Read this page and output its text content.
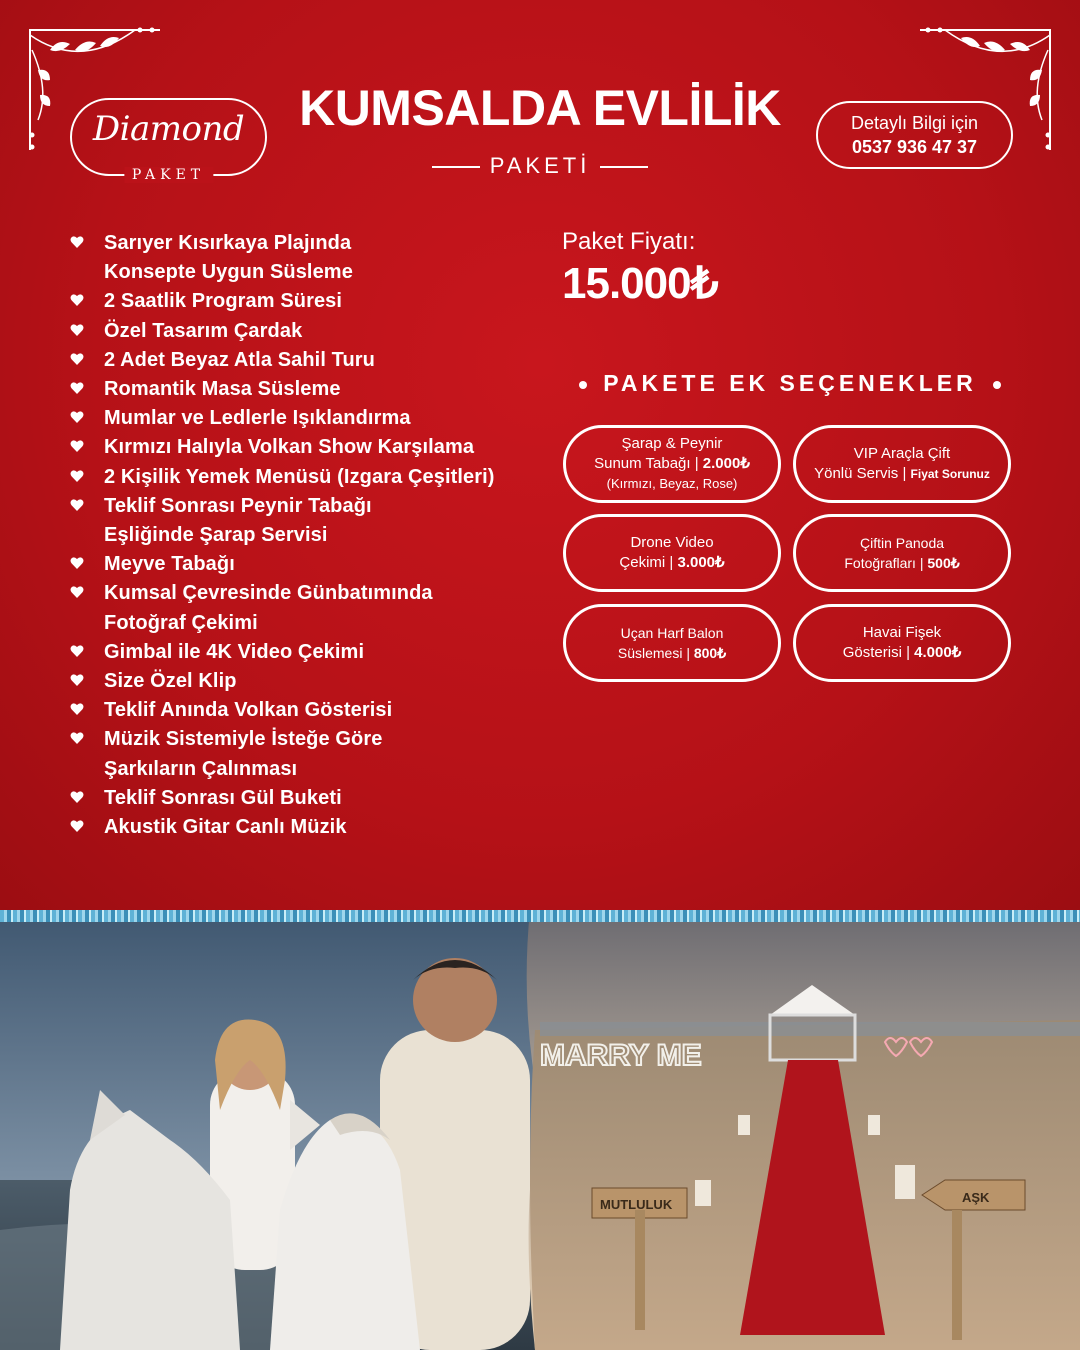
Diamond
PAKET
KUMSALDA EVLİLİK
PAKETİ
Detaylı Bilgi için
0537 936 47 37
Sarıyer Kısırkaya Plajında
Konsepte Uygun Süsleme
2 Saatlik Program Süresi
Özel Tasarım Çardak
2 Adet Beyaz Atla Sahil Turu
Romantik Masa Süsleme
Mumlar ve Ledlerle Işıklandırma
Kırmızı Halıyla Volkan Show Karşılama
2 Kişilik Yemek Menüsü (Izgara Çeşitleri)
Teklif Sonrası Peynir Tabağı
Eşliğinde Şarap Servisi
Meyve Tabağı
Kumsal Çevresinde Günbatımında
Fotoğraf Çekimi
Gimbal ile 4K Video Çekimi
Size Özel Klip
Teklif Anında Volkan Gösterisi
Müzik Sistemiyle İsteğe Göre
Şarkıların Çalınması
Teklif Sonrası Gül Buketi
Akustik Gitar Canlı Müzik
Paket Fiyatı:
15.000₺
PAKETE EK SEÇENEKLER
Şarap & Peynir
Sunum Tabağı | 2.000₺
(Kırmızı, Beyaz, Rose)
VIP Araçla Çift
Yönlü Servis | Fiyat Sorunuz
Drone Video
Çekimi | 3.000₺
Çiftin Panoda
Fotoğrafları | 500₺
Uçan Harf Balon
Süslemesi | 800₺
Havai Fişek
Gösterisi | 4.000₺
MARRY ME
MUTLULUK	AŞK
